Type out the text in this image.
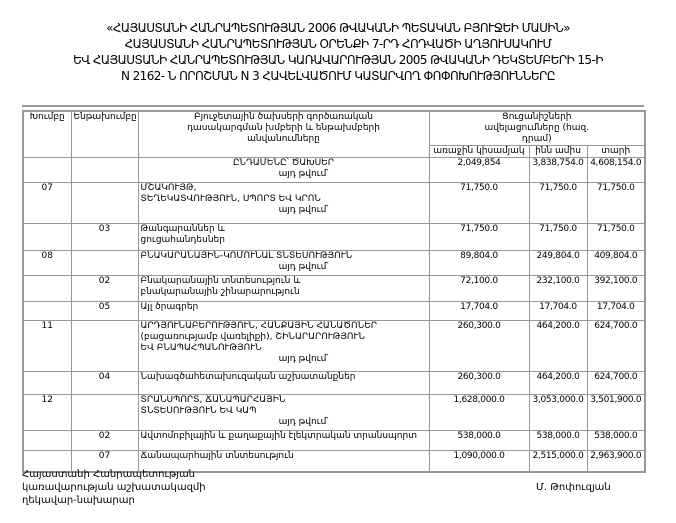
«ՀԱՅԱՍՏԱՆԻ ՀԱՆՐԱՊԵՏՈՒԹՅԱՆ 2006 ԹՎԱԿԱՆԻ ՊԵՏԱԿԱՆ ԲՅՈՒՋԵԻ ՄԱՍԻՆ»
ՀԱՅԱՍՏԱՆԻ ՀԱՆՐԱՊԵՏՈՒԹՅԱՆ ՕՐԵՆՔԻ 7-ՐԴ ՀՈԴՎԱԾԻ ԱՂՅՈՒՍԱԿՈՒՄ
ԵՎ ՀԱՅԱՍՏԱՆԻ ՀԱՆՐԱՊԵՏՈՒԹՅԱՆ ԿԱՌԱՎԱՐՈՒԹՅԱՆ 2005 ԹՎԱԿԱՆԻ ԴԵԿՏԵՄԲԵՐԻ 15-Ի
N 2162- Ն ՈՐՈՇՄԱՆ N 3 ՀԱՎԵԼՎԱԾՈՒՄ ԿԱՏԱՐՎՈՂ ՓՈՓՈԽՈՒԹՅՈՒՆՆԵՐԸ
Խումբը	Ենթախումբը	Բյուջետային ծախսերի գործառական դասակարգման խմբերի և ենթախմբերի անվանումները	Ցուցանիշների ավելացումները (հազ. դրամ)		
			առաջին կիսամյակ	ինն ամիս	տարի

		ԸՆԴԱՄԵՆԸ՝ ԾԱԽՍԵՐ
այդ թվում՝	2,049,854	3,838,754.0	4,608,154.0
07		ՄՇԱԿՈՒՅԹ,
ՏԵՂԵԿԱՏՎՈՒԹՅՈՒՆ, ՍՊՈՐՏ ԵՎ ԿՐՈՆ
այդ թվում՝	71,750.0	71,750.0	71,750.0
	03	Թանգարաններ և
ցուցահանդեսներ	71,750.0	71,750.0	71,750.0
08		ԲՆԱԿԱՐԱՆԱՅԻՆ-ԿՈՄՈՒՆԱԼ ՏՆՏԵՍՈՒԹՅՈՒՆ
այդ թվում՝	89,804.0	249,804.0	409,804.0
	02	Բնակարանային տնտեսություն և
բնակարանային շինարարություն	72,100.0	232,100.0	392,100.0
	05	Այլ ծրագրեր	17,704.0	17,704.0	17,704.0
11		ԱՐԴՅՈՒՆԱԲԵՐՈՒԹՅՈՒՆ, ՀԱՆՔԱՅԻՆ ՀԱՆԱԾՈՆԵՐ
(բացառությամբ վառելիքի), ՇԻՆԱՐԱՐՈՒԹՅՈՒՆ
ԵՎ ԲՆԱՊԱՀՊԱՆՈՒԹՅՈՒՆ
այդ թվում՝	260,300.0	464,200.0	624,700.0
	04	Նախագծահետախուզական աշխատանքներ	260,300.0	464,200.0	624,700.0
12		ՏՐԱՆՍՊՈՐՏ, ՃԱՆԱՊԱՐՀԱՅԻՆ
ՏՆՏԵՍՈՒԹՅՈՒՆ ԵՎ ԿԱՊ
այդ թվում՝	1,628,000.0	3,053,000.0	3,501,900.0
	02	Ավտոմոբիլային և քաղաքային էլեկտրական տրանսպորտ	538,000.0	538,000.0	538,000.0
	07	Ճանապարհային տնտեսություն	1,090,000.0	2,515,000.0	2,963,900.0
Հայաստանի Հանրապետության
կառավարության աշխատակազմի
ղեկավար-նախարար
Մ. Թոփուզյան
